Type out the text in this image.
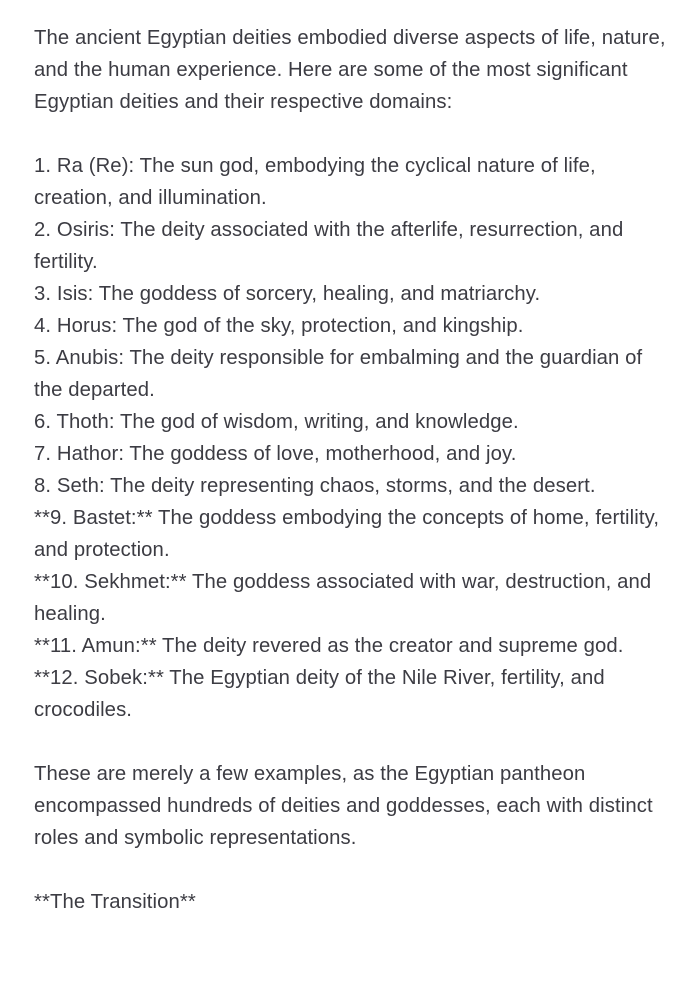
The ancient Egyptian deities embodied diverse aspects of life, nature, and the human experience. Here are some of the most significant Egyptian deities and their respective domains:

1. Ra (Re): The sun god, embodying the cyclical nature of life, creation, and illumination.

2. Osiris: The deity associated with the afterlife, resurrection, and fertility.

3. Isis: The goddess of sorcery, healing, and matriarchy.

4. Horus: The god of the sky, protection, and kingship.

5. Anubis: The deity responsible for embalming and the guardian of the departed.

6. Thoth: The god of wisdom, writing, and knowledge.

7. Hathor: The goddess of love, motherhood, and joy.

8. Seth: The deity representing chaos, storms, and the desert.

**9. Bastet:** The goddess embodying the concepts of home, fertility, and protection.

**10. Sekhmet:** The goddess associated with war, destruction, and healing.

**11. Amun:** The deity revered as the creator and supreme god.

**12. Sobek:** The Egyptian deity of the Nile River, fertility, and crocodiles.

These are merely a few examples, as the Egyptian pantheon encompassed hundreds of deities and goddesses, each with distinct roles and symbolic representations.

**The Transition**
